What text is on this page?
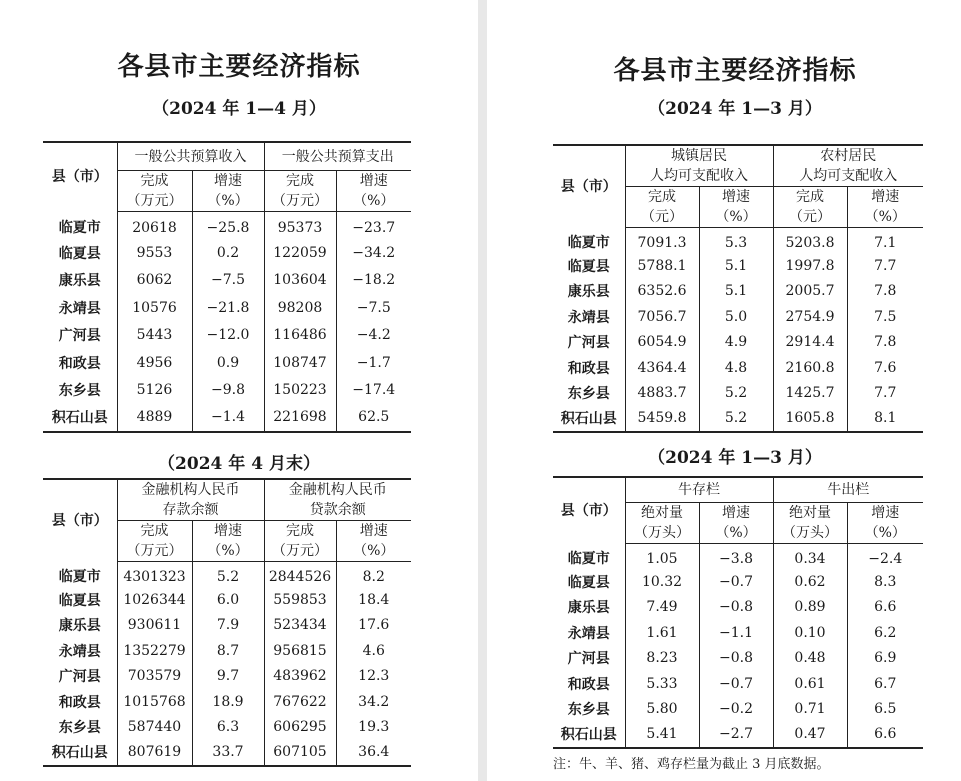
各县市主要经济指标
（2024 年 1—4 月）
县（市）	一般公共预算收入		一般公共预算支出	
	完成	增速	完成	增速
	（万元）	（%）	（万元）	（%）
临夏市	20618	−25.8	95373	−23.7
临夏县	9553	0.2	122059	−34.2
康乐县	6062	−7.5	103604	−18.2
永靖县	10576	−21.8	98208	−7.5
广河县	5443	−12.0	116486	−4.2
和政县	4956	0.9	108747	−1.7
东乡县	5126	−9.8	150223	−17.4
积石山县	4889	−1.4	221698	62.5
（2024 年 4 月末）
县（市）	金融机构人民币		金融机构人民币	
	存款余额		贷款余额	
	完成	增速	完成	增速
	（万元）	（%）	（万元）	（%）
临夏市	4301323	5.2	2844526	8.2
临夏县	1026344	6.0	559853	18.4
康乐县	930611	7.9	523434	17.6
永靖县	1352279	8.7	956815	4.6
广河县	703579	9.7	483962	12.3
和政县	1015768	18.9	767622	34.2
东乡县	587440	6.3	606295	19.3
积石山县	807619	33.7	607105	36.4
各县市主要经济指标
（2024 年 1—3 月）
县（市）	城镇居民		农村居民	
	人均可支配收入		人均可支配收入	
	完成	增速	完成	增速
	（元）	（%）	（元）	（%）
临夏市	7091.3	5.3	5203.8	7.1
临夏县	5788.1	5.1	1997.8	7.7
康乐县	6352.6	5.1	2005.7	7.8
永靖县	7056.7	5.0	2754.9	7.5
广河县	6054.9	4.9	2914.4	7.8
和政县	4364.4	4.8	2160.8	7.6
东乡县	4883.7	5.2	1425.7	7.7
积石山县	5459.8	5.2	1605.8	8.1
（2024 年 1—3 月）
县（市）	牛存栏		牛出栏	
	绝对量	增速	绝对量	增速
	（万头）	（%）	（万头）	（%）
临夏市	1.05	−3.8	0.34	−2.4
临夏县	10.32	−0.7	0.62	8.3
康乐县	7.49	−0.8	0.89	6.6
永靖县	1.61	−1.1	0.10	6.2
广河县	8.23	−0.8	0.48	6.9
和政县	5.33	−0.7	0.61	6.7
东乡县	5.80	−0.2	0.71	6.5
积石山县	5.41	−2.7	0.47	6.6
注：牛、羊、猪、鸡存栏量为截止 3 月底数据。
